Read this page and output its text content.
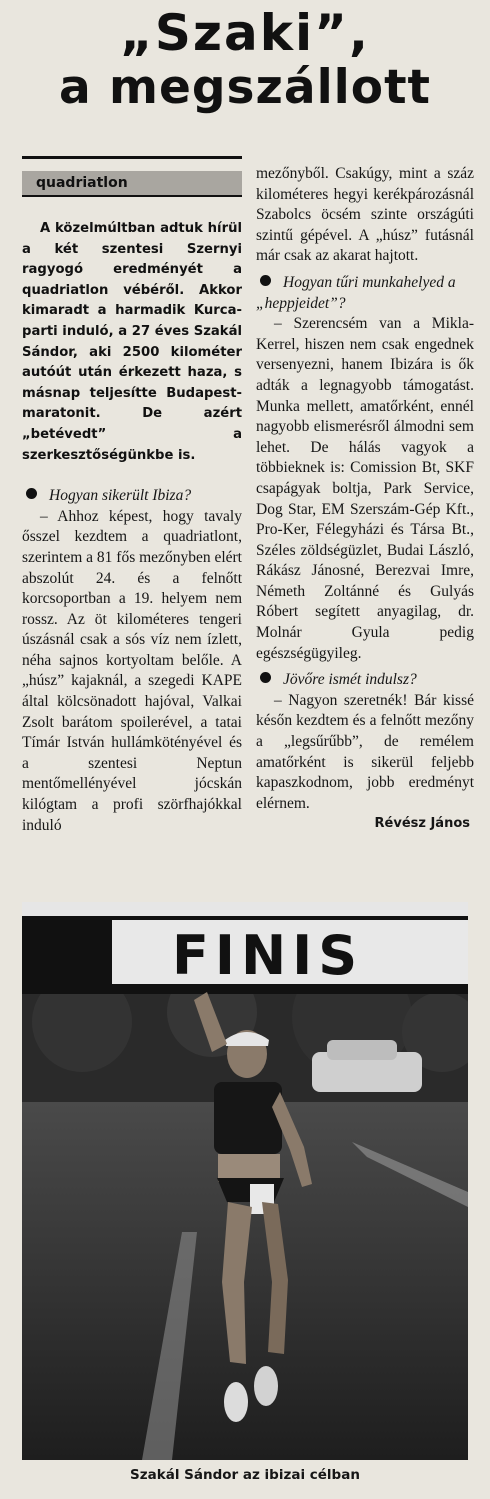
„Szaki”,
a megszállott
quadriatlon
A közelmúltban adtuk hírül a két szentesi Szernyi ragyogó eredményét a quadriatlon vébéről. Akkor kimaradt a harmadik Kurca-parti induló, a 27 éves Szakál Sándor, aki 2500 kilométer autóút után érkezett haza, s másnap teljesítte Budapest-maratonit. De azért „betévedt” a szerkesztőségünkbe is.

Hogyan sikerült Ibizа?

– Ahhoz képest, hogy tavaly ősszel kezdtem a quadriatlont, szerintem a 81 fős mezőnyben elért abszolút 24. és a felnőtt korcsoportban a 19. helyem nem rossz. Az öt kilométeres tengeri úszásnál csak a sós víz nem ízlett, néha sajnos kortyoltam belőle. A „húsz” kajaknál, a szegedi KAPE által kölcsönadott hajóval, Valkai Zsolt barátom spoilerével, a tatai Tímár István hullámkötényével és a szentesi Neptun mentőmellényével jócskán kilógtam a profi szörfhajókkal induló

mezőnyből. Csakúgy, mint a száz kilométeres hegyi kerékpározásnál Szabolcs öcsém szinte országúti szintű gépével. A „húsz” futásnál már csak az akarat hajtott.

Hogyan tűri munkahelyed a „heppjeidet”?

– Szerencsém van a Mikla-Kerrel, hiszen nem csak engednek versenyezni, hanem Ibizára is ők adták a legnagyobb támogatást. Munka mellett, amatőrként, ennél nagyobb elismerésről álmodni sem lehet. De hálás vagyok a többieknek is: Comission Bt, SKF csapágyak boltja, Park Service, Dog Star, EM Szerszám-Gép Kft., Pro-Ker, Félegyházi és Társa Bt., Széles zöldségüzlet, Budai László, Rákász Jánosné, Berezvai Imre, Németh Zoltánné és Gulyás Róbert segített anyagilag, dr. Molnár Gyula pedig egészségügyileg.

Jövőre ismét indulsz?

– Nagyon szeretnék! Bár kissé későn kezdtem és a felnőtt mezőny a „legsűrűbb”, de remélem amatőrként is sikerül feljebb kapaszkodnom, jobb eredményt elérnem.

Révész János
FINIS
Szakál Sándor az ibizai célban
